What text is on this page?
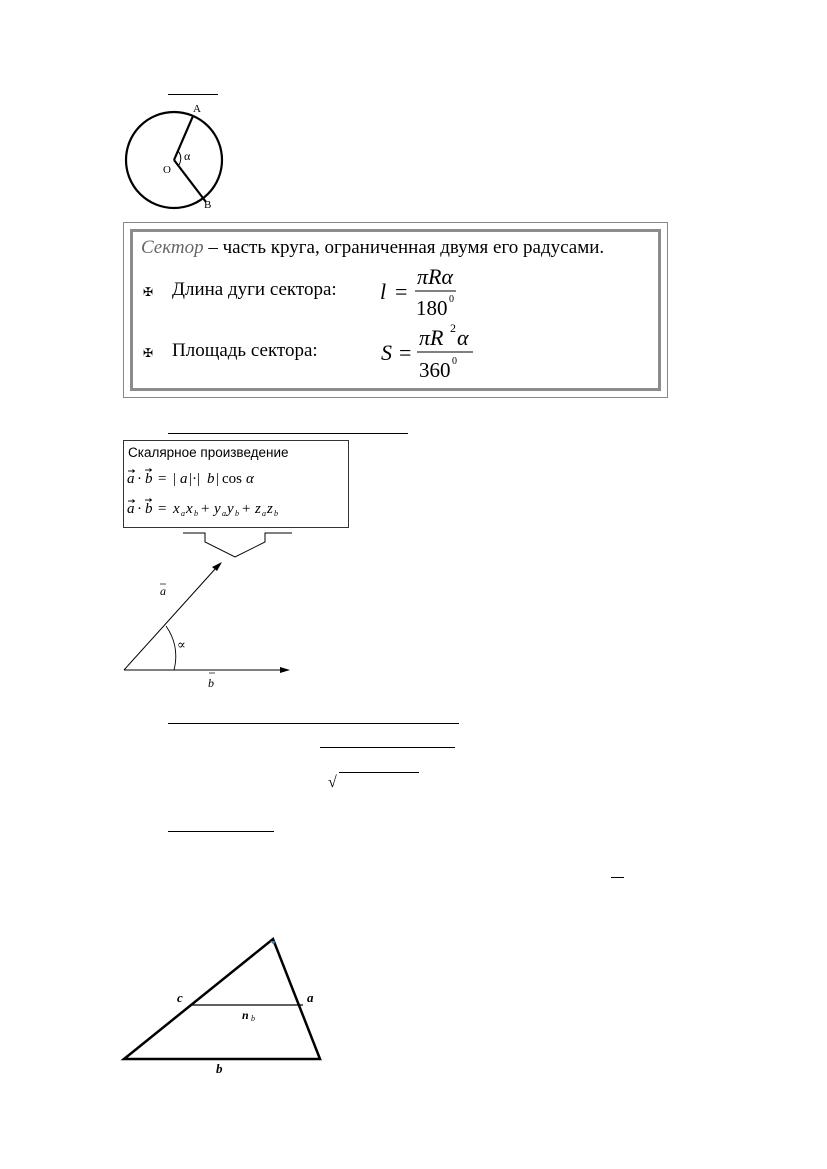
A
O
B
α
Сектор – часть круга, ограниченная двумя его радусами.
✠ Длина дуги сектора: l =
πRα
180 0
✠ Площадь сектора:	S =
πR 2 α
360 0
Скалярное произведение
a · b = | a |·| b | cos α
a · b = x a x b + y a y b + z a z b
a
∝
b
√
c	a
n b
b
